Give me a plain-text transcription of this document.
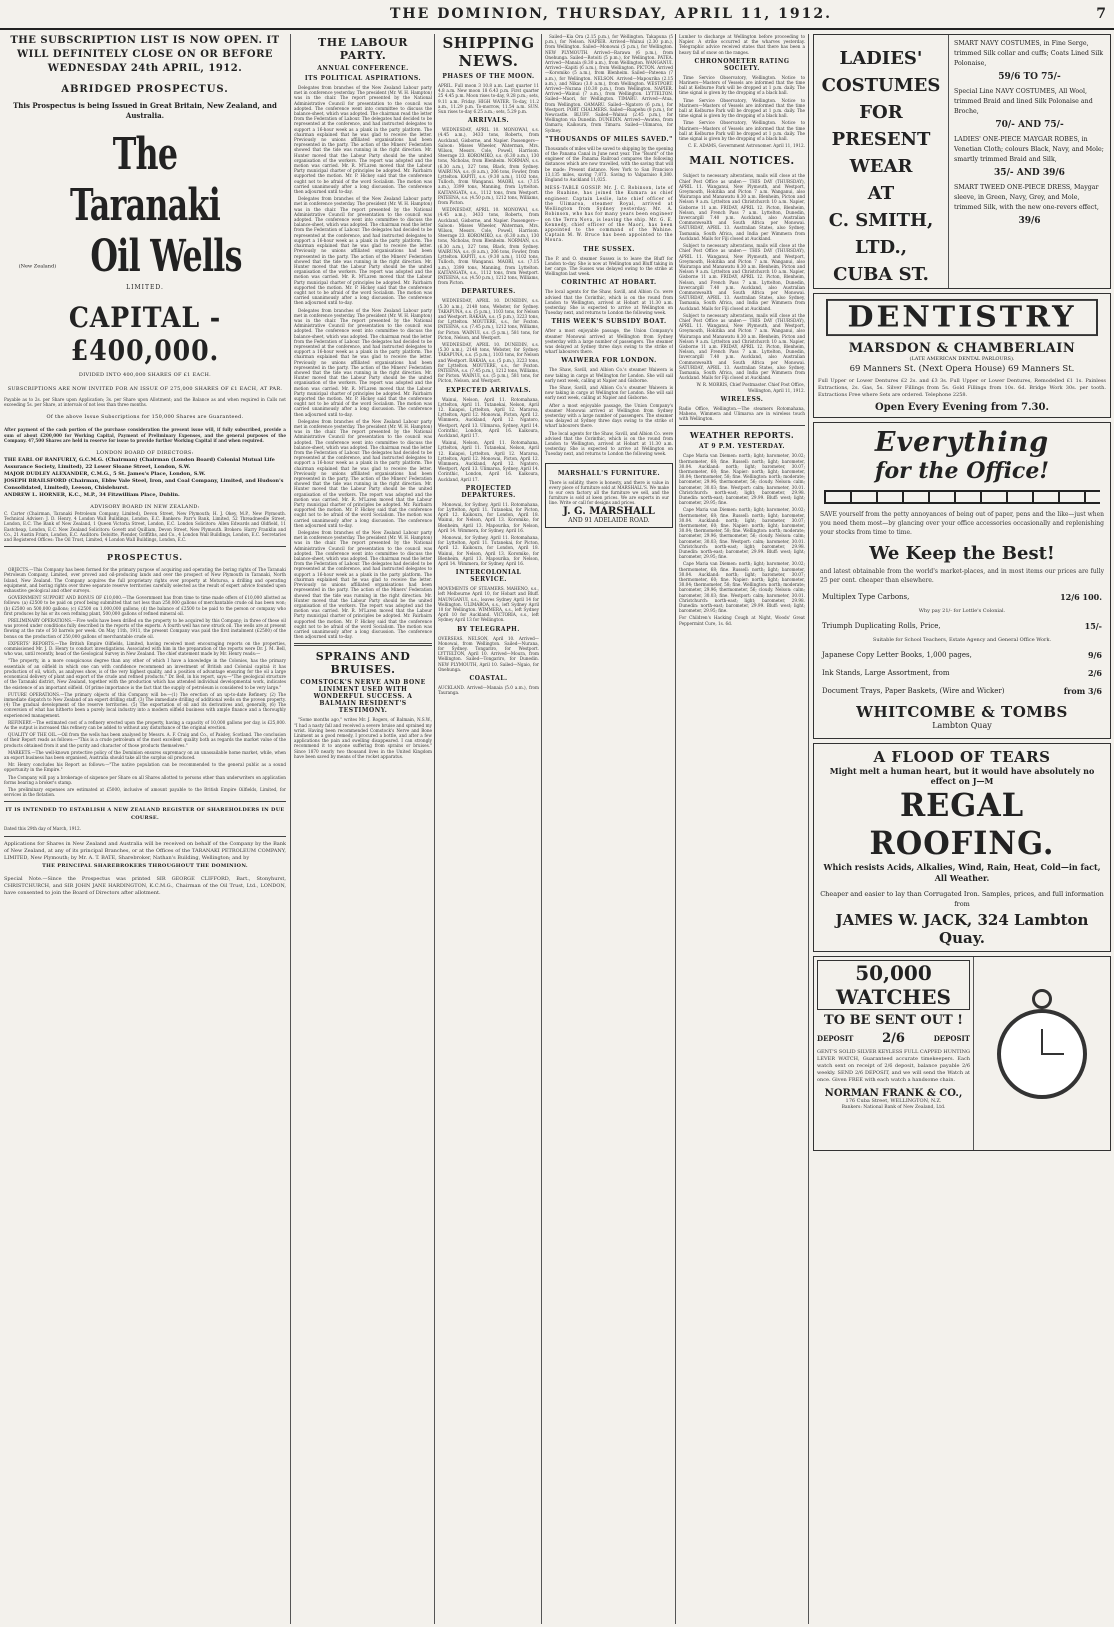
THE DOMINION, THURSDAY, APRIL 11, 1912.	7
THE SUBSCRIPTION LIST IS NOW OPEN. IT WILL DEFINITELY CLOSE ON OR BEFORE WEDNESDAY 24th APRIL, 1912.
ABRIDGED PROSPECTUS.
This Prospectus is being Issued in Great Britain, New Zealand, and Australia.
The Taranaki (New Zealand) Oil Wells
LIMITED.
CAPITAL - £400,000.
DIVIDED INTO 400,000 SHARES OF £1 EACH.
SUBSCRIPTIONS ARE NOW INVITED FOR AN ISSUE OF 275,000 SHARES OF £1 EACH, AT PAR.
Payable as to 2s. per Share upon Application; 3s. per Share upon Allotment; and the Balance as and when required in Calls not exceeding 5s. per Share, at intervals of not less than three months.
Of the above Issue Subscriptions for 150,000 Shares are Guaranteed.
After payment of the cash portion of the purchase consideration the present issue will, if fully subscribed, provide a sum of about £200,000 for Working Capital, Payment of Preliminary Expenses, and the general purposes of the Company. 47,500 Shares are held in reserve for issue to provide further Working Capital if and when required.
LONDON BOARD OF DIRECTORS:
THE EARL OF RANFURLY, G.C.M.G. (Chairman) (Chairman (London Board) Colonial Mutual Life Assurance Society, Limited), 22 Lower Sloane Street, London, S.W.
MAJOR DUDLEY ALEXANDER, C.M.G., 5 St. James's Place, London, S.W.
JOSEPH BRAILSFORD (Chairman, Ebbw Vale Steel, Iron, and Coal Company, Limited, and Hudson's Consolidated, Limited), Leeson, Chislehurst.
ANDREW L. HORNER, K.C., M.P., 34 Fitzwilliam Place, Dublin.
ADVISORY BOARD IN NEW ZEALAND:
C. Carter (Chairman, Taranaki Petroleum Company, Limited), Devon Street, New Plymouth; H. J. Okey, M.P., New Plymouth. Technical Adviser: J. D. Henry, 4 London Wall Buildings, London, E.C. Bankers: Parr's Bank, Limited, 52 Threadneedle Street, London, E.C. The Bank of New Zealand, 1 Queen Victoria Street, London, E.C. London Solicitors: Allen Edwards and Oldfield, 11 Eastcheap, London, E.C. New Zealand Solicitors: Govett and Quilliam, Devon Street, New Plymouth. Brokers: Harry Franklin and Co., 21 Austin Friars, London, E.C. Auditors: Deloitte, Plender, Griffiths, and Co., 4 London Wall Buildings, London, E.C. Secretaries and Registered Offices: The Oil Trust, Limited, 4 London Wall Buildings, London, E.C.
PROSPECTUS.

OBJECTS.—This Company has been formed for the primary purpose of acquiring and operating the boring rights of The Taranaki Petroleum Company, Limited, over proved and oil-producing lands and over the prospect of New Plymouth in Taranaki, North Island, New Zealand. The Company acquires the full proprietary rights over property at Moturoa, a drilling and operating equipment, and boring rights over three separate reserve territories carefully selected as the result of expert advice founded upon exhaustive geological and other surveys.

GOVERNMENT SUPPORT AND BONUS OF £10,000.—The Government has from time to time made offers of £10,000 allotted as follows: (a) £2500 to be paid on proof being submitted that not less than 250,000 gallons of merchantable crude oil has been won; (b) £2500 on 500,000 gallons; (c) £2500 on 1,000,000 gallons; (d) the balance of £2500 to be paid to the person or company who first produces by his or its own refining plant, 500,000 gallons of refined mineral oil.

PRELIMINARY OPERATIONS.—Five wells have been drilled on the property to be acquired by this Company; in three of these oil was proved under conditions fully described in the reports of the experts. A fourth well has now struck oil. The wells are at present flowing at the rate of 50 barrels per week. On May 11th, 1911, the present Company was paid the first instalment (£2500) of the bonus on the production of 250,000 gallons of merchantable crude oil.

EXPERTS' REPORTS.—The British Empire Oilfields, Limited, having received most encouraging reports on the properties, commissioned Mr. J. D. Henry to conduct investigations. Associated with him in the preparation of the reports were Dr. J. M. Bell, who was, until recently, head of the Geological Survey in New Zealand. The chief statement made by Mr. Henry reads:—

"The property, in a more conspicuous degree than any other of which I have a knowledge in the Colonies, has the primary essentials of an oilfield in which one can with confidence recommend an investment of British and Colonial capital: it has production of oil, which, as analyses show, is of the very highest quality, and a position of advantage ensuring for the oil a large economical delivery of plant and export of the crude and refined products." Dr. Bell, in his report, says:—"The geological structure of the Taranaki district, New Zealand, together with the production which has attended individual developmental work, indicates the existence of an important oilfield. Of prime importance is the fact that the supply of petroleum is considered to be very large."

FUTURE OPERATIONS.—The primary objects of this Company will be:—(1) The erection of an up-to-date Refinery. (2) The immediate dispatch to New Zealand of an expert drilling staff. (3) The immediate drilling of additional wells on the proven property. (4) The gradual development of the reserve territories. (5) The exportation of oil and its derivatives and, generally, (6) The conversion of what has hitherto been a purely local industry into a modern oilfield business with ample finance and a thoroughly experienced management.

REFINERY.—The estimated cost of a refinery erected upon the property, having a capacity of 10,000 gallons per day, is £25,000. As the output is increased this refinery can be added to without any disturbance of the original erection.

QUALITY OF THE OIL.—Oil from the wells has been analysed by Messrs. A. F. Craig and Co., of Paisley, Scotland. The conclusion of their Report reads as follows:—"This is a crude petroleum of the most excellent quality both as regards the market value of the products obtained from it and the purity and character of those products themselves."

MARKETS.—The well-known protective policy of the Dominion ensures supremacy on an unassailable home market, while, when an export business has been organised, Australia should take all the surplus oil produced.

Mr. Henry concludes his Report as follows:—"The native population can be recommended to the general public as a sound opportunity in the Empire."

The Company will pay a brokerage of sixpence per Share on all Shares allotted to persons other than underwriters on application forms bearing a broker's stamp.

The preliminary expenses are estimated at £5000, inclusive of amount payable to the British Empire Oilfields, Limited, for services in the flotation.

IT IS INTENDED TO ESTABLISH A NEW ZEALAND REGISTER OF SHAREHOLDERS IN DUE COURSE.
Dated this 29th day of March, 1912.
Applications for Shares in New Zealand and Australia will be received on behalf of the Company by the Bank of New Zealand, at any of its principal Branches, or at the Offices of the TARANAKI PETROLEUM COMPANY, LIMITED, New Plymouth; by Mr. A. T. BATE, Sharebroker, Nathan's Building, Wellington; and by
THE PRINCIPAL SHAREBROKERS THROUGHOUT THE DOMINION.
Special Note.—Since the Prospectus was printed SIR GEORGE CLIFFORD, Bart., Stonyhurst, CHRISTCHURCH, and SIR JOHN JANE HARDINGTON, K.C.M.G., Chairman of the Oil Trust, Ltd., LONDON, have consented to join the Board of Directors after allotment.
THE LABOUR PARTY.
ANNUAL CONFERENCE.
ITS POLITICAL ASPIRATIONS.

Delegates from branches of the New Zealand Labour party met in conference yesterday. The president (Mr. W. H. Hampton) was in the chair. The report presented by the National Administrative Council for presentation to the council was adopted. The conference went into committee to discuss the balance-sheet, which was adopted. The chairman read the letter from the Federation of Labour. The delegates had decided to be represented at the conference, and had instructed delegates to support a 16-hour week as a plank in the party platform. The chairman explained that he was glad to receive the letter. Previously no unions affiliated organisations had been represented in the party. The action of the Miners' Federation showed that the tide was running in the right direction. Mr. Hunter moved that the Labour Party should be the united organisation of the workers. The report was adopted and the motion was carried. Mr. R. M'Laren moved that the Labour Party municipal charter of principles be adopted. Mr. Fairbairn supported the motion. Mr. P. Hickey said that the conference ought not to be afraid of the word Socialism. The motion was carried unanimously after a long discussion. The conference then adjourned until to-day.

Delegates from branches of the New Zealand Labour party met in conference yesterday. The president (Mr. W. H. Hampton) was in the chair. The report presented by the National Administrative Council for presentation to the council was adopted. The conference went into committee to discuss the balance-sheet, which was adopted. The chairman read the letter from the Federation of Labour. The delegates had decided to be represented at the conference, and had instructed delegates to support a 16-hour week as a plank in the party platform. The chairman explained that he was glad to receive the letter. Previously no unions affiliated organisations had been represented in the party. The action of the Miners' Federation showed that the tide was running in the right direction. Mr. Hunter moved that the Labour Party should be the united organisation of the workers. The report was adopted and the motion was carried. Mr. R. M'Laren moved that the Labour Party municipal charter of principles be adopted. Mr. Fairbairn supported the motion. Mr. P. Hickey said that the conference ought not to be afraid of the word Socialism. The motion was carried unanimously after a long discussion. The conference then adjourned until to-day.

Delegates from branches of the New Zealand Labour party met in conference yesterday. The president (Mr. W. H. Hampton) was in the chair. The report presented by the National Administrative Council for presentation to the council was adopted. The conference went into committee to discuss the balance-sheet, which was adopted. The chairman read the letter from the Federation of Labour. The delegates had decided to be represented at the conference, and had instructed delegates to support a 16-hour week as a plank in the party platform. The chairman explained that he was glad to receive the letter. Previously no unions affiliated organisations had been represented in the party. The action of the Miners' Federation showed that the tide was running in the right direction. Mr. Hunter moved that the Labour Party should be the united organisation of the workers. The report was adopted and the motion was carried. Mr. R. M'Laren moved that the Labour Party municipal charter of principles be adopted. Mr. Fairbairn supported the motion. Mr. P. Hickey said that the conference ought not to be afraid of the word Socialism. The motion was carried unanimously after a long discussion. The conference then adjourned until to-day.

Delegates from branches of the New Zealand Labour party met in conference yesterday. The president (Mr. W. H. Hampton) was in the chair. The report presented by the National Administrative Council for presentation to the council was adopted. The conference went into committee to discuss the balance-sheet, which was adopted. The chairman read the letter from the Federation of Labour. The delegates had decided to be represented at the conference, and had instructed delegates to support a 16-hour week as a plank in the party platform. The chairman explained that he was glad to receive the letter. Previously no unions affiliated organisations had been represented in the party. The action of the Miners' Federation showed that the tide was running in the right direction. Mr. Hunter moved that the Labour Party should be the united organisation of the workers. The report was adopted and the motion was carried. Mr. R. M'Laren moved that the Labour Party municipal charter of principles be adopted. Mr. Fairbairn supported the motion. Mr. P. Hickey said that the conference ought not to be afraid of the word Socialism. The motion was carried unanimously after a long discussion. The conference then adjourned until to-day.

Delegates from branches of the New Zealand Labour party met in conference yesterday. The president (Mr. W. H. Hampton) was in the chair. The report presented by the National Administrative Council for presentation to the council was adopted. The conference went into committee to discuss the balance-sheet, which was adopted. The chairman read the letter from the Federation of Labour. The delegates had decided to be represented at the conference, and had instructed delegates to support a 16-hour week as a plank in the party platform. The chairman explained that he was glad to receive the letter. Previously no unions affiliated organisations had been represented in the party. The action of the Miners' Federation showed that the tide was running in the right direction. Mr. Hunter moved that the Labour Party should be the united organisation of the workers. The report was adopted and the motion was carried. Mr. R. M'Laren moved that the Labour Party municipal charter of principles be adopted. Mr. Fairbairn supported the motion. Mr. P. Hickey said that the conference ought not to be afraid of the word Socialism. The motion was carried unanimously after a long discussion. The conference then adjourned until to-day.

SPRAINS AND BRUISES.
COMSTOCK'S NERVE AND BONE LINIMENT USED WITH WONDERFUL SUCCESS. A BALMAIN RESIDENT'S TESTIMONY.

"Some months ago," writes Mr. J. Rogers, of Balmain, N.S.W., "I had a nasty fall and received a severe bruise and sprained my wrist. Having been recommended Comstock's Nerve and Bone Liniment as a good remedy, I procured a bottle, and after a few applications the pain and swelling disappeared. I can strongly recommend it to anyone suffering from sprains or bruises." Since 1870 nearly two thousand lives in the United Kingdom have been saved by means of the rocket apparatus.

SHIPPING NEWS.
PHASES OF THE MOON.
APRIL. Full moon 3 10.8 a.m. Last quarter 11 4.8 a.m. New moon 18 6.43 p.m. First quarter 25 4.45 p.m. Moon rises to-day, 9.28 p.m.; sets, 9.11 a.m. Friday. HIGH WATER. To-day, 11.2 a.m., 11.29 p.m. To-morrow, 11.54 a.m. SUN. Sun rises to-day 6.25 a.m.; sets, 5.29 p.m.
ARRIVALS.

WEDNESDAY, APRIL 10. MONOWAI, s.s. (4.45 a.m.), 3433 tons, Roberts, from Auckland, Gisborne, and Napier. Passengers—Saloon: Misses Wheeler, Waterman, Mrs. Wilson, Messrs. Cole, Powell, Harrison. Steerage 23. KOROMIKO, s.s. (6.30 a.m.), 130 tons, Nicholas, from Blenheim. NORMAN, s.s. (6.30 a.m.), 327 tons, Black, from Sydney. WAIRUNA, s.s. (8 a.m.), 206 tons, Fowler, from Lyttelton. KAPITI, s.s. (9.30 a.m.), 1102 tons, Tulloch, from Wanganui. MAORI, s.s. (7.15 a.m.), 3399 tons, Manning, from Lyttelton. KAITANGATA, s.s., 1112 tons, from Westport. PATEENA, s.s. (4.50 p.m.), 1212 tons, Williams, from Picton.

WEDNESDAY, APRIL 10. MONOWAI, s.s. (4.45 a.m.), 3433 tons, Roberts, from Auckland, Gisborne, and Napier. Passengers—Saloon: Misses Wheeler, Waterman, Mrs. Wilson, Messrs. Cole, Powell, Harrison. Steerage 23. KOROMIKO, s.s. (6.30 a.m.), 130 tons, Nicholas, from Blenheim. NORMAN, s.s. (6.30 a.m.), 327 tons, Black, from Sydney. WAIRUNA, s.s. (8 a.m.), 206 tons, Fowler, from Lyttelton. KAPITI, s.s. (9.30 a.m.), 1102 tons, Tulloch, from Wanganui. MAORI, s.s. (7.15 a.m.), 3399 tons, Manning, from Lyttelton. KAITANGATA, s.s., 1112 tons, from Westport. PATEENA, s.s. (4.50 p.m.), 1212 tons, Williams, from Picton.

DEPARTURES.

WEDNESDAY, APRIL 10. DUNEDIN, s.s. (5.30 a.m.), 2148 tons, Webster, for Sydney. TAKAPUNA, s.s. (5 p.m.), 1103 tons, for Nelson and Westport. RAKAIA, s.s. (5 p.m.), 3223 tons, for Lyttelton. MOUTERE, s.s., for Foxton. PATEENA, s.s. (7.45 p.m.), 1212 tons, Williams, for Picton. WAINUI, s.s. (5 p.m.), 581 tons, for Picton, Nelson, and Westport.

WEDNESDAY, APRIL 10. DUNEDIN, s.s. (5.30 a.m.), 2148 tons, Webster, for Sydney. TAKAPUNA, s.s. (5 p.m.), 1103 tons, for Nelson and Westport. RAKAIA, s.s. (5 p.m.), 3223 tons, for Lyttelton. MOUTERE, s.s., for Foxton. PATEENA, s.s. (7.45 p.m.), 1212 tons, Williams, for Picton. WAINUI, s.s. (5 p.m.), 581 tons, for Picton, Nelson, and Westport.

EXPECTED ARRIVALS.

Wainui, Nelson, April 11. Rotomahana, Lyttelton, April 11. Tutanekai, Nelson, April 12. Kaiapoi, Lyttelton, April 12. Mararoa, Lyttelton, April 12. Monowai, Picton, April 12. Wimmera, Auckland, April 12. Ngatoro, Westport, April 13. Ulimaroa, Sydney, April 14. Corinthic, London, April 16. Kaikoura, Auckland, April 17.

Wainui, Nelson, April 11. Rotomahana, Lyttelton, April 11. Tutanekai, Nelson, April 12. Kaiapoi, Lyttelton, April 12. Mararoa, Lyttelton, April 12. Monowai, Picton, April 12. Wimmera, Auckland, April 12. Ngatoro, Westport, April 13. Ulimaroa, Sydney, April 14. Corinthic, London, April 16. Kaikoura, Auckland, April 17.

PROJECTED DEPARTURES.

Monowai, for Sydney, April 11. Rotomahana, for Lyttelton, April 11. Tutanekai, for Picton, April 12. Kaikoura, for London, April 18. Wainui, for Nelson, April 13. Koromiko, for Blenheim, April 13. Mapourika, for Nelson, April 14. Wimmera, for Sydney, April 16.

Monowai, for Sydney, April 11. Rotomahana, for Lyttelton, April 11. Tutanekai, for Picton, April 12. Kaikoura, for London, April 18. Wainui, for Nelson, April 13. Koromiko, for Blenheim, April 13. Mapourika, for Nelson, April 14. Wimmera, for Sydney, April 16.

INTERCOLONIAL SERVICE.
MOVEMENTS OF STEAMERS. MAHENO, s.s., left Melbourne April 10, for Hobart and Bluff. MAUNGANUI, s.s., leaves Sydney April 14 for Wellington. ULIMAROA, s.s., left Sydney April 10 for Wellington. WIMMERA, s.s., left Sydney April 10 for Auckland. VICTORIA, s.s., left Sydney April 13 for Wellington.
BY TELEGRAPH.
OVERSEAS. NELSON, April 10. Arrived—Monowai, from Wellington. Sailed—Nurana, for Sydney. Tongariro, for Westport. LYTTELTON, April 10. Arrived—Moura, from Wellington. Sailed—Tongariro, for Dunedin. NEW PLYMOUTH, April 10. Sailed—Ngaio, for Onehunga.
COASTAL.
AUCKLAND. Arrived—Manaia (5.0 a.m.), from Tauranga.

Sailed—Kia Ora (2.15 p.m.), for Wellington. Takapuna (5 p.m.), for Nelson. NAPIER. Arrived—Wainui (2.30 p.m.), from Wellington. Sailed—Monowai (5 p.m.), for Wellington. NEW PLYMOUTH. Arrived—Rarawa (6 p.m.), from Onehunga. Sailed—Rotoiti (5 p.m.), for Wellington. PATEA. Arrived—Manaia (8.30 a.m.), from Wellington. WANGANUI. Arrived—Kapiti (6 a.m.), from Wellington. PICTON. Arrived—Koromiko (5 a.m.), from Blenheim. Sailed—Pateena (7 a.m.), for Wellington. NELSON. Arrived—Mapourika (2.15 a.m.), and Nikau (3.0 a.m.), from Wellington. WESTPORT. Arrived—Nurana (10.30 p.m.), from Wellington. NAPIER. Arrived—Wainui (7 a.m.), from Wellington. LYTTELTON. Sailed—Maori, for Wellington. TIMARU. Arrived—Atua, from Wellington. OAMARU. Sailed—Ngatoro (6 p.m.), for Westport. PORT CHALMERS. Sailed—Ruapehu (8 p.m.), for Newcastle. BLUFF. Sailed—Wainui (2.45 p.m.), for Wellington via Dunedin. DUNEDIN. Arrived—Awatea, from Oamaru; Kaikoura, from Timaru. Sailed—Ulimaroa, for Sydney.

"THOUSANDS OF MILES SAVED."
Thousands of miles will be saved to shipping by the opening of the Panama Canal in June next year. The "Board" of the engineer of the Panama Railroad compares the following distances which are now travelled, with the saving that will be made: Present distance. New York to San Francisco 13,135 miles, saving 7,873. Saving to Valparaiso 8,380. England to Auckland 11,025.
MESS-TABLE GOSSIP. Mr. J. C. Robinson, late of the Ruahine, has joined the Kumara as chief engineer. Captain Leslie, late chief officer of the Ulimaroa, steamer Royal, arrived at Wellington from Sydney yesterday. Mr. A. Robinson, who has for many years been engineer on the Terra Nova, is leaving the ship. Mr. G. E. Kennedy, chief officer of the Maori, has been appointed to the command of the Wahine. Captain M. W. Bruce has been appointed to the Moura.
THE SUSSEX.
The P. and O. steamer Sussex is to leave the Bluff for London to-day. She is now at Wellington and Bluff taking in her cargo. The Sussex was delayed owing to the strike at Wellington last week.
CORINTHIC AT HOBART.
The local agents for the Shaw, Savill, and Albion Co. were advised that the Corinthic, which is on the round from London to Wellington, arrived at Hobart at 11.30 a.m. yesterday. She is expected to arrive at Wellington on Tuesday next, and returns to London the following week.
THIS WEEK'S SUBSIDY BOAT.
After a most enjoyable passage, the Union Company's steamer Monowai arrived at Wellington from Sydney yesterday with a large number of passengers. The steamer was delayed at Sydney three days owing to the strike of wharf labourers there.
WAIWERA FOR LONDON.

The Shaw, Savill, and Albion Co.'s steamer Waiwera is now taking in cargo at Wellington for London. She will sail early next week, calling at Napier and Gisborne.

The Shaw, Savill, and Albion Co.'s steamer Waiwera is now taking in cargo at Wellington for London. She will sail early next week, calling at Napier and Gisborne.

After a most enjoyable passage, the Union Company's steamer Monowai arrived at Wellington from Sydney yesterday with a large number of passengers. The steamer was delayed at Sydney three days owing to the strike of wharf labourers there.

The local agents for the Shaw, Savill, and Albion Co. were advised that the Corinthic, which is on the round from London to Wellington, arrived at Hobart at 11.30 a.m. yesterday. She is expected to arrive at Wellington on Tuesday next, and returns to London the following week.

MARSHALL'S FURNITURE.
There is solidity, there is honesty, and there is value in every piece of furniture sold at MARSHALL'S. We make to our own factory all the furniture we sell, and the furniture is sold at keen prices. We are experts in our line. Write or call for designs and prices.
J. G. MARSHALL
AND 91 ADELAIDE ROAD.
Lumber to discharge at Wellington before proceeding to Napier. A strike occurred at the wharves yesterday. Telegraphic advice received states that there has been a heavy fall of snow on the ranges.
CHRONOMETER RATING SOCIETY.

Time Service Observatory, Wellington. Notice to Mariners—Masters of Vessels are informed that the time ball at Kelburne Park will be dropped at 1 p.m. daily. The time signal is given by the dropping of a black ball.

Time Service Observatory, Wellington. Notice to Mariners—Masters of Vessels are informed that the time ball at Kelburne Park will be dropped at 1 p.m. daily. The time signal is given by the dropping of a black ball.

Time Service Observatory, Wellington. Notice to Mariners—Masters of Vessels are informed that the time ball at Kelburne Park will be dropped at 1 p.m. daily. The time signal is given by the dropping of a black ball.

C. E. ADAMS, Government Astronomer. April 11, 1912.
MAIL NOTICES.

Subject to necessary alterations, mails will close at the Chief Post Office as under:— THIS DAY (THURSDAY), APRIL 11. Wanganui, New Plymouth, and Westport, Greymouth, Hokitika and Picton 7 a.m. Wanganui, also Wairarapa and Manawatu 8.30 a.m. Blenheim, Picton and Nelson 9 a.m. Lyttelton and Christchurch 10 a.m. Napier, Gisborne 11 a.m. FRIDAY, APRIL 12. Picton, Blenheim, Nelson, and French Pass 7 a.m. Lyttelton, Dunedin, Invercargill 7.40 p.m. Auckland, also Australian Commonwealth and South Africa per Monowai. SATURDAY, APRIL 13. Australian States, also Sydney, Tasmania, South Africa, and India per Wimmera from Auckland. Mails for Fiji closed at Auckland.

Subject to necessary alterations, mails will close at the Chief Post Office as under:— THIS DAY (THURSDAY), APRIL 11. Wanganui, New Plymouth, and Westport, Greymouth, Hokitika and Picton 7 a.m. Wanganui, also Wairarapa and Manawatu 8.30 a.m. Blenheim, Picton and Nelson 9 a.m. Lyttelton and Christchurch 10 a.m. Napier, Gisborne 11 a.m. FRIDAY, APRIL 12. Picton, Blenheim, Nelson, and French Pass 7 a.m. Lyttelton, Dunedin, Invercargill 7.40 p.m. Auckland, also Australian Commonwealth and South Africa per Monowai. SATURDAY, APRIL 13. Australian States, also Sydney, Tasmania, South Africa, and India per Wimmera from Auckland. Mails for Fiji closed at Auckland.

Subject to necessary alterations, mails will close at the Chief Post Office as under:— THIS DAY (THURSDAY), APRIL 11. Wanganui, New Plymouth, and Westport, Greymouth, Hokitika and Picton 7 a.m. Wanganui, also Wairarapa and Manawatu 8.30 a.m. Blenheim, Picton and Nelson 9 a.m. Lyttelton and Christchurch 10 a.m. Napier, Gisborne 11 a.m. FRIDAY, APRIL 12. Picton, Blenheim, Nelson, and French Pass 7 a.m. Lyttelton, Dunedin, Invercargill 7.40 p.m. Auckland, also Australian Commonwealth and South Africa per Monowai. SATURDAY, APRIL 13. Australian States, also Sydney, Tasmania, South Africa, and India per Wimmera from Auckland. Mails for Fiji closed at Auckland.

W. R. MORRIS, Chief Postmaster. Chief Post Office, Wellington, April 11, 1912.
WIRELESS.
Radio Office, Wellington.—The steamers Rotomahana, Maheno, Wimmera and Ulimaroa are in wireless touch with Wellington.
WEATHER REPORTS.
AT 9 P.M. YESTERDAY.

Cape Maria van Diemen: north; light; barometer, 30.02; thermometer, 68; fine. Russell: north; light; barometer, 30.04. Auckland: north; light; barometer, 30.07; thermometer, 60; fine. Napier: north; light; barometer, 30.04; thermometer, 58; fine. Wellington: north; moderate; barometer, 29.96; thermometer, 56; cloudy. Nelson: calm; barometer, 30.03; fine. Westport: calm; barometer, 30.01. Christchurch: north-east; light; barometer, 29.98. Dunedin: north-east; barometer, 29.99. Bluff: west; light; barometer, 29.95; fine.

Cape Maria van Diemen: north; light; barometer, 30.02; thermometer, 68; fine. Russell: north; light; barometer, 30.04. Auckland: north; light; barometer, 30.07; thermometer, 60; fine. Napier: north; light; barometer, 30.04; thermometer, 58; fine. Wellington: north; moderate; barometer, 29.96; thermometer, 56; cloudy. Nelson: calm; barometer, 30.03; fine. Westport: calm; barometer, 30.01. Christchurch: north-east; light; barometer, 29.98. Dunedin: north-east; barometer, 29.99. Bluff: west; light; barometer, 29.95; fine.

Cape Maria van Diemen: north; light; barometer, 30.02; thermometer, 68; fine. Russell: north; light; barometer, 30.04. Auckland: north; light; barometer, 30.07; thermometer, 60; fine. Napier: north; light; barometer, 30.04; thermometer, 58; fine. Wellington: north; moderate; barometer, 29.96; thermometer, 56; cloudy. Nelson: calm; barometer, 30.03; fine. Westport: calm; barometer, 30.01. Christchurch: north-east; light; barometer, 29.98. Dunedin: north-east; barometer, 29.99. Bluff: west; light; barometer, 29.95; fine.

For Children's Hacking Cough at Night, Woods' Great Peppermint Cure, 1s. 6d.
LADIES'
COSTUMES
FOR
PRESENT
WEAR
AT
C. SMITH,
LTD.,
CUBA ST.
SMART NAVY COSTUMES, in Fine Serge, trimmed Silk collar and cuffs; Coats Lined Silk Polonaise,
59/6 TO 75/-
Special Line NAVY COSTUMES, All Wool, trimmed Braid and lined Silk Polonaise and Broche,
70/- AND 75/-
LADIES' ONE-PIECE MAYGAR ROBES, in Venetian Cloth; colours Black, Navy, and Mole; smartly trimmed Braid and Silk,
35/- AND 39/6
SMART TWEED ONE-PIECE DRESS, Maygar sleeve, in Green, Navy, Grey, and Mole, trimmed Silk, with the new one-revers effect,
39/6
DENTISTRY
MARSDON & CHAMBERLAIN
(LATE AMERICAN DENTAL PARLOURS).
69 Manners St. (Next Opera House) 69 Manners St.
Full Upper or Lower Dentures £2 2s. and £3 3s. Full Upper or Lower Dentures, Remodelled £1 1s. Painless Extractions, 2s. Gas, 5s. Silver Fillings from 5s. Gold Fillings from 10s. 6d. Bridge Work 30s. per tooth. Extractions Free where Sets are ordered. Telephone 2258.
Open Every Evening from 7.30.
Everything
for the Office!
SAVE yourself from the petty annoyances of being out of paper, pens and the like—just when you need them most—by glancing over your office accessories occasionally and replenishing your stocks from time to time.
We Keep the Best!
and latest obtainable from the world's market-places, and in most items our prices are fully 25 per cent. cheaper than elsewhere.
Multiplex Type Carbons,	12/6 100.
Why pay 21/- for Lottle's Colonial.
Triumph Duplicating Rolls, Price,	15/-
Suitable for School Teachers, Estate Agency and General Office Work.
Japanese Copy Letter Books, 1,000 pages,	9/6
Ink Stands, Large Assortment, from	2/6
Document Trays, Paper Baskets, (Wire and Wicker)	from 3/6
WHITCOMBE & TOMBS
Lambton Quay
A FLOOD OF TEARS
Might melt a human heart, but it would have absolutely no effect on J—M
REGAL ROOFING.
Which resists Acids, Alkalies, Wind, Rain, Heat, Cold—in fact, All Weather.
Cheaper and easier to lay than Corrugated Iron. Samples, prices, and full information from
JAMES W. JACK, 324 Lambton Quay.
50,000 WATCHES
TO BE SENT OUT !
DEPOSIT 2/6	DEPOSIT
GENT'S SOLID SILVER KEYLESS FULL CAPPED HUNTING LEVER WATCH, Guaranteed accurate timekeepers. Each watch sent on receipt of 2/6 deposit, balance payable 2/6 weekly. SEND 2/6 DEPOSIT, and we will send the Watch at once. Given FREE with each watch a handsome chain.
NORMAN FRANK & CO.,
176 Cuba Street, WELLINGTON, N.Z.
Bankers: National Bank of New Zealand, Ltd.
